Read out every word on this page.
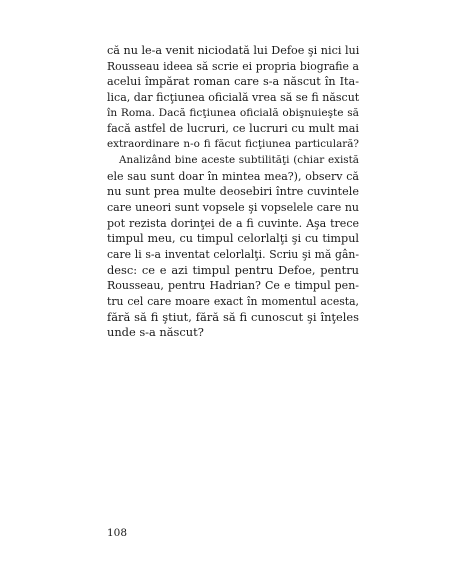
că nu le-a venit niciodată lui Defoe şi nici lui
Rousseau ideea să scrie ei propria biografie a
acelui împărat roman care s-a născut în Ita-
lica, dar ficţiunea oficială vrea să se fi născut
în Roma. Dacă ficţiunea oficială obişnuieşte să
facă astfel de lucruri, ce lucruri cu mult mai
extraordinare n-o fi făcut ficţiunea particulară?
Analizând bine aceste subtilităţi (chiar există
ele sau sunt doar în mintea mea?), observ că
nu sunt prea multe deosebiri între cuvintele
care uneori sunt vopsele şi vopselele care nu
pot rezista dorinţei de a fi cuvinte. Aşa trece
timpul meu, cu timpul celorlalţi şi cu timpul
care li s-a inventat celorlalţi. Scriu şi mă gân-
desc: ce e azi timpul pentru Defoe, pentru
Rousseau, pentru Hadrian? Ce e timpul pen-
tru cel care moare exact în momentul acesta,
fără să fi ştiut, fără să fi cunoscut şi înţeles
unde s-a născut?
108
